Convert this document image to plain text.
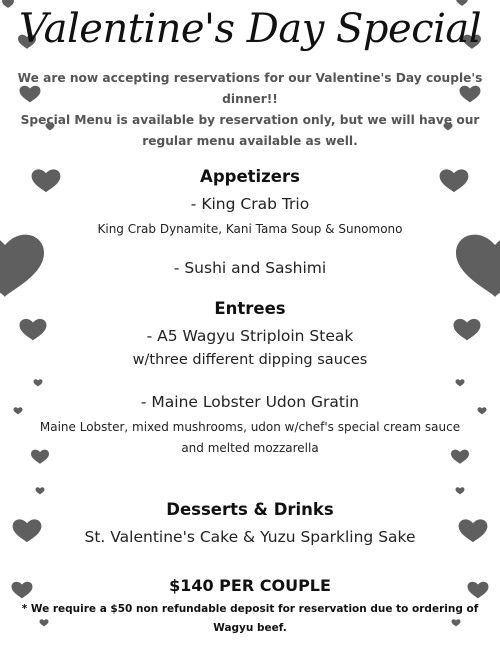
Valentine's Day Special
We are now accepting reservations for our Valentine's Day couple's
dinner!!
Special Menu is available by reservation only, but we will have our
regular menu available as well.
Appetizers
- King Crab Trio
King Crab Dynamite, Kani Tama Soup & Sunomono
- Sushi and Sashimi
Entrees
- A5 Wagyu Striploin Steak
w/three different dipping sauces
- Maine Lobster Udon Gratin
Maine Lobster, mixed mushrooms, udon w/chef's special cream sauce
and melted mozzarella
Desserts & Drinks
St. Valentine's Cake & Yuzu Sparkling Sake
$140 PER COUPLE
* We require a $50 non refundable deposit for reservation due to ordering of
Wagyu beef.
